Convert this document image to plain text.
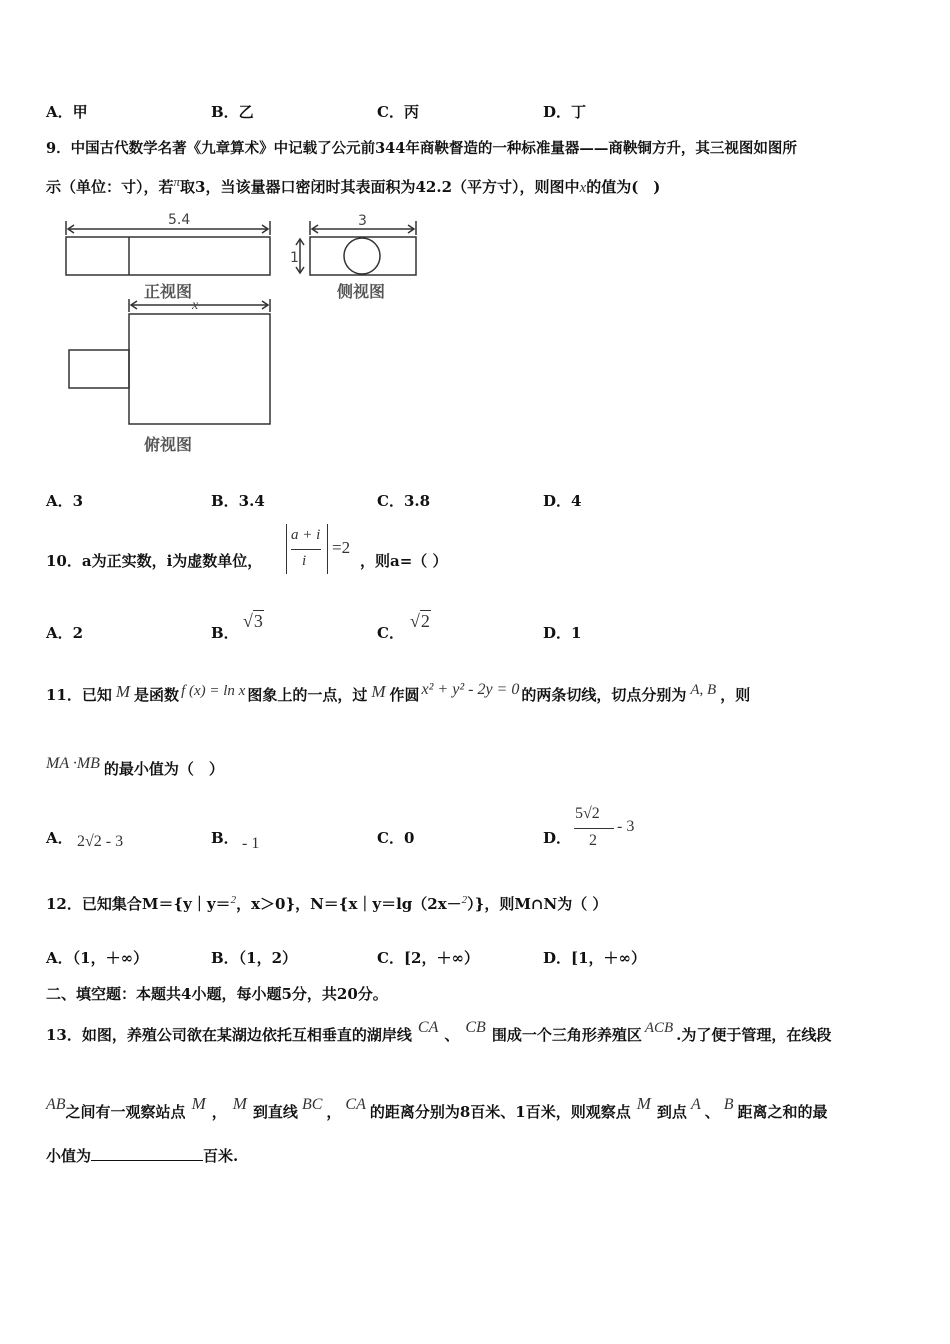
A．甲	B．乙	C．丙	D．丁
9．中国古代数学名著《九章算术》中记载了公元前344年商鞅督造的一种标准量器——商鞅铜方升，其三视图如图所
示（单位：寸），若π取3，当该量器口密闭时其表面积为42.2（平方寸），则图中x的值为(　)
5.4	3
1
x
正视图	侧视图
俯视图
A．3	B．3.4	C．3.8	D．4
10．a为正实数，i为虚数单位，
a + i
i
=2
，则a=（ ）
A．2	B．
√3
C．
√2
D．1
11．已知 M 是函数 f (x) = ln x 图象上的一点，过 M 作圆 x² + y² - 2y = 0 的两条切线，切点分别为 A, B ，则
MA ·MB 的最小值为（　）
A． 2√2 - 3	B． - 1	C．0	D．
5√2
2
- 3
12．已知集合M＝{y｜y＝$^2$，x＞0}，N＝{x｜y＝lg（2x－$^2$）}，则M∩N为（ ）
A．（1，＋∞）	B．（1，2）	C．[2，＋∞）	D．[1，＋∞）
二、填空题：本题共4小题，每小题5分，共20分。
13．如图，养殖公司欲在某湖边依托互相垂直的湖岸线 CA 、 CB 围成一个三角形养殖区 ACB .为了便于管理，在线段
AB之间有一观察站点 M ， M 到直线 BC ， CA 的距离分别为8百米、1百米，则观察点 M 到点 A 、 B 距离之和的最
小值为	百米.
